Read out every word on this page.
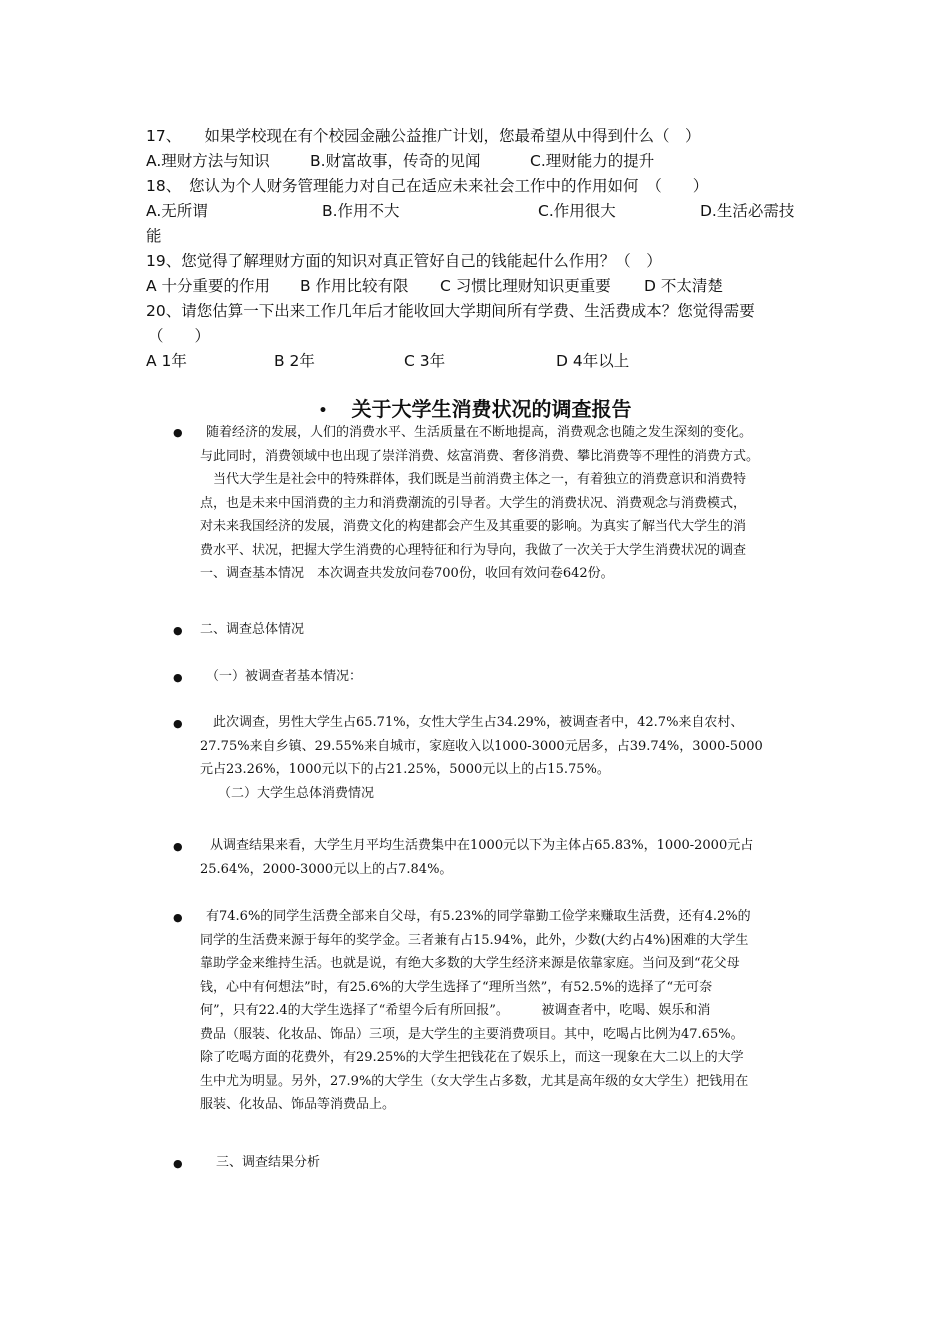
17、　　如果学校现在有个校园金融公益推广计划，您最希望从中得到什么（　）
A.理财方法与知识	B.财富故事，传奇的见闻	C.理财能力的提升
18、　您认为个人财务管理能力对自己在适应未来社会工作中的作用如何　（　　）
A.无所谓	B.作用不大	C.作用很大	D.生活必需技
能
19、您觉得了解理财方面的知识对真正管好自己的钱能起什么作用？（　）
A 十分重要的作用 B 作用比较有限 C 习惯比理财知识更重要 D 不太清楚
20、请您估算一下出来工作几年后才能收回大学期间所有学费、生活费成本？您觉得需要
（　　）
A 1年	B 2年	C 3年	D 4年以上
• 关于大学生消费状况的调查报告
●	随着经济的发展，人们的消费水平、生活质量在不断地提高，消费观念也随之发生深刻的变化。
与此同时，消费领域中也出现了崇洋消费、炫富消费、奢侈消费、攀比消费等不理性的消费方式。
　当代大学生是社会中的特殊群体，我们既是当前消费主体之一，有着独立的消费意识和消费特
点，也是未来中国消费的主力和消费潮流的引导者。大学生的消费状况、消费观念与消费模式，
对未来我国经济的发展，消费文化的构建都会产生及其重要的影响。为真实了解当代大学生的消
费水平、状况，把握大学生消费的心理特征和行为导向，我做了一次关于大学生消费状况的调查
一、调查基本情况　本次调查共发放问卷700份，收回有效问卷642份。
● 二、调查总体情况
●	（一）被调查者基本情况：
● 　此次调查，男性大学生占65.71%，女性大学生占34.29%，被调查者中，42.7%来自农村、
27.75%来自乡镇、29.55%来自城市，家庭收入以1000-3000元居多，占39.74%，3000-5000
元占23.26%，1000元以下的占21.25%，5000元以上的占15.75%。
（二）大学生总体消费情况
●	从调查结果来看，大学生月平均生活费集中在1000元以下为主体占65.83%，1000-2000元占
25.64%，2000-3000元以上的占7.84%。
●	有74.6%的同学生活费全部来自父母，有5.23%的同学靠勤工俭学来赚取生活费，还有4.2%的
同学的生活费来源于每年的奖学金。三者兼有占15.94%，此外，少数(大约占4%)困难的大学生
靠助学金来维持生活。也就是说，有绝大多数的大学生经济来源是依靠家庭。当问及到“花父母
钱，心中有何想法”时，有25.6%的大学生选择了“理所当然”，有52.5%的选择了“无可奈
何”，只有22.4的大学生选择了“希望今后有所回报”。　　　被调查者中，吃喝、娱乐和消
费品（服装、化妆品、饰品）三项，是大学生的主要消费项目。其中，吃喝占比例为47.65%。
除了吃喝方面的花费外，有29.25%的大学生把钱花在了娱乐上，而这一现象在大二以上的大学
生中尤为明显。另外，27.9%的大学生（女大学生占多数，尤其是高年级的女大学生）把钱用在
服装、化妆品、饰品等消费品上。
●	三、调查结果分析
